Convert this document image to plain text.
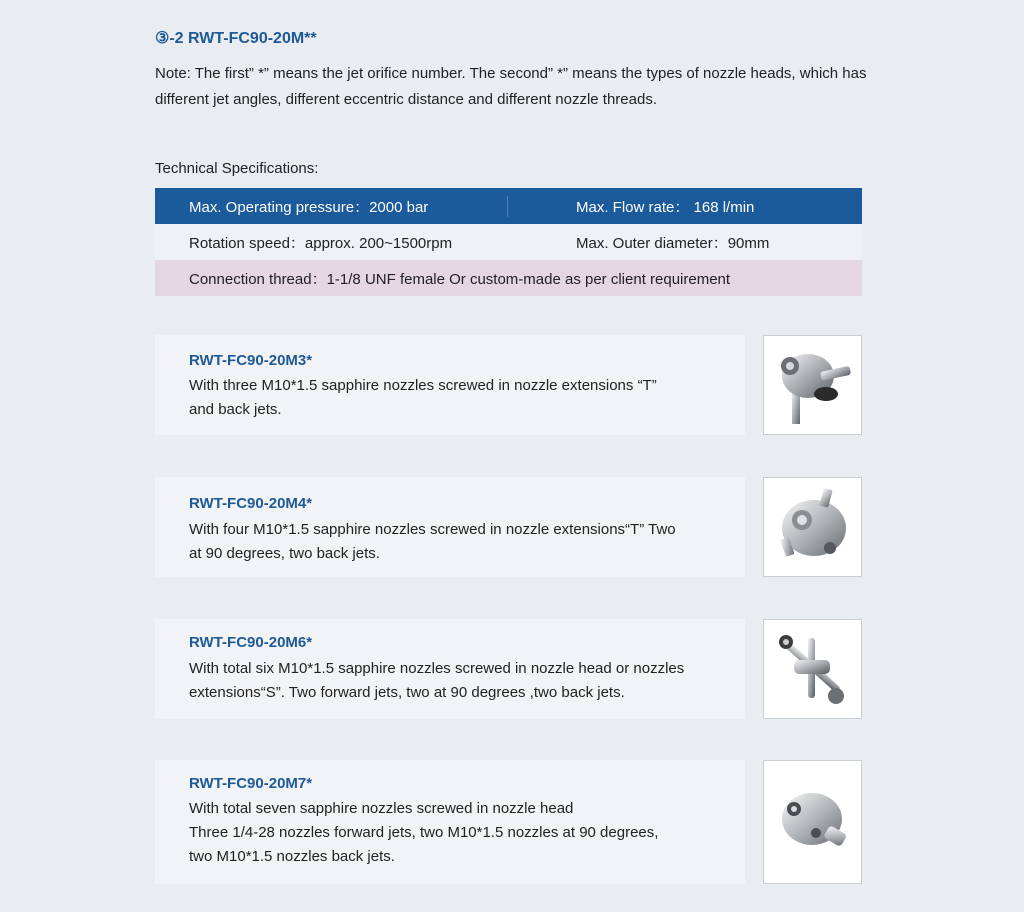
③-2 RWT-FC90-20M**
Note: The first” *” means the jet orifice number. The second” *” means the types of nozzle heads, which has different jet angles, different eccentric distance and different nozzle threads.
Technical Specifications:
Max. Operating pressure：2000 bar	Max. Flow rate： 168 l/min
Rotation speed：approx. 200~1500rpm	Max. Outer diameter：90mm
Connection thread：1-1/8 UNF female Or custom-made as per client requirement
RWT-FC90-20M3*
With three M10*1.5 sapphire nozzles screwed in nozzle extensions “T”
and back jets.
RWT-FC90-20M4*
With four M10*1.5 sapphire nozzles screwed in nozzle extensions“T” Two
at 90 degrees, two back jets.
RWT-FC90-20M6*
With total six M10*1.5 sapphire nozzles screwed in nozzle head or nozzles
extensions“S”. Two forward jets, two at 90 degrees ,two back jets.
RWT-FC90-20M7*
With total seven sapphire nozzles screwed in nozzle head
Three 1/4-28 nozzles forward jets, two M10*1.5 nozzles at 90 degrees,
two M10*1.5 nozzles back jets.
